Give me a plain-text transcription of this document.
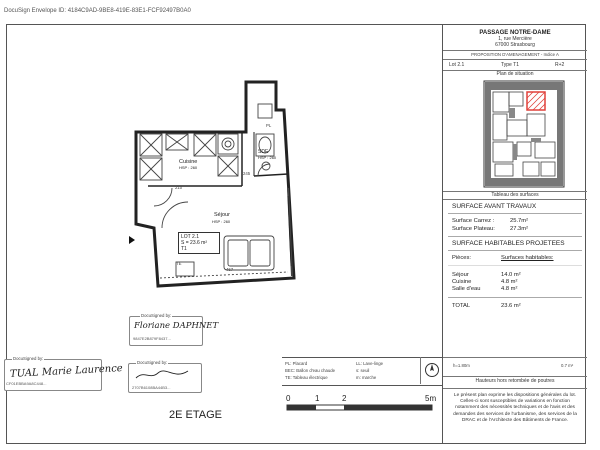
DocuSign Envelope ID: 4184C9AD-9BE8-419E-83E1-FCF92497B0A0
PASSAGE NOTRE-DAME
1, rue Mercière
67000 Strasbourg
PROPOSITION D'AMENAGEMENT - Indice A
Lot 2.1	Type T1	R+2
Plan de situation
Tableau des surfaces
SURFACE AVANT TRAVAUX
Surface Carrez :	25.7m²
Surface Plateau:	27.3m²
SURFACE HABITABLES PROJETEES
Pièces:	Surfaces habitables:
Séjour	14.0 m²
Cuisine	4.8 m²
Salle d'eau	4.8 m²
TOTAL	23.6 m²
h=1.80m	0.7 m²
Hauteurs hors retombée de poutres
Le présent plan exprime les dispositions générales du lot. Celles-ci sont susceptibles de variations en fonction notamment des nécessités techniques et de l'avis et des demandes des services de l'urbanisme, des services de la DRAC et de l'Architecte des Bâtiments de France.
PL: Placard
BEC: Ballon d'eau chaude
TE: Tableau électrique
LL: Lave-linge
s: seuil
m: marche
2E ETAGE
0	1	2	5m
Cuisine
HSP : 260
SDE
HSP : 260
Séjour
HSP : 260
LOT 2.1
S = 23.6 m²
T1
210
245
467
PL
TE
DocuSigned by:
Floriane DAPHNET
9847E2B879F8437...
DocuSigned by:
TUAL Marie Laurence
CF01EBBA9A8C448...
DocuSigned by:
2707B6108BA44B3...
